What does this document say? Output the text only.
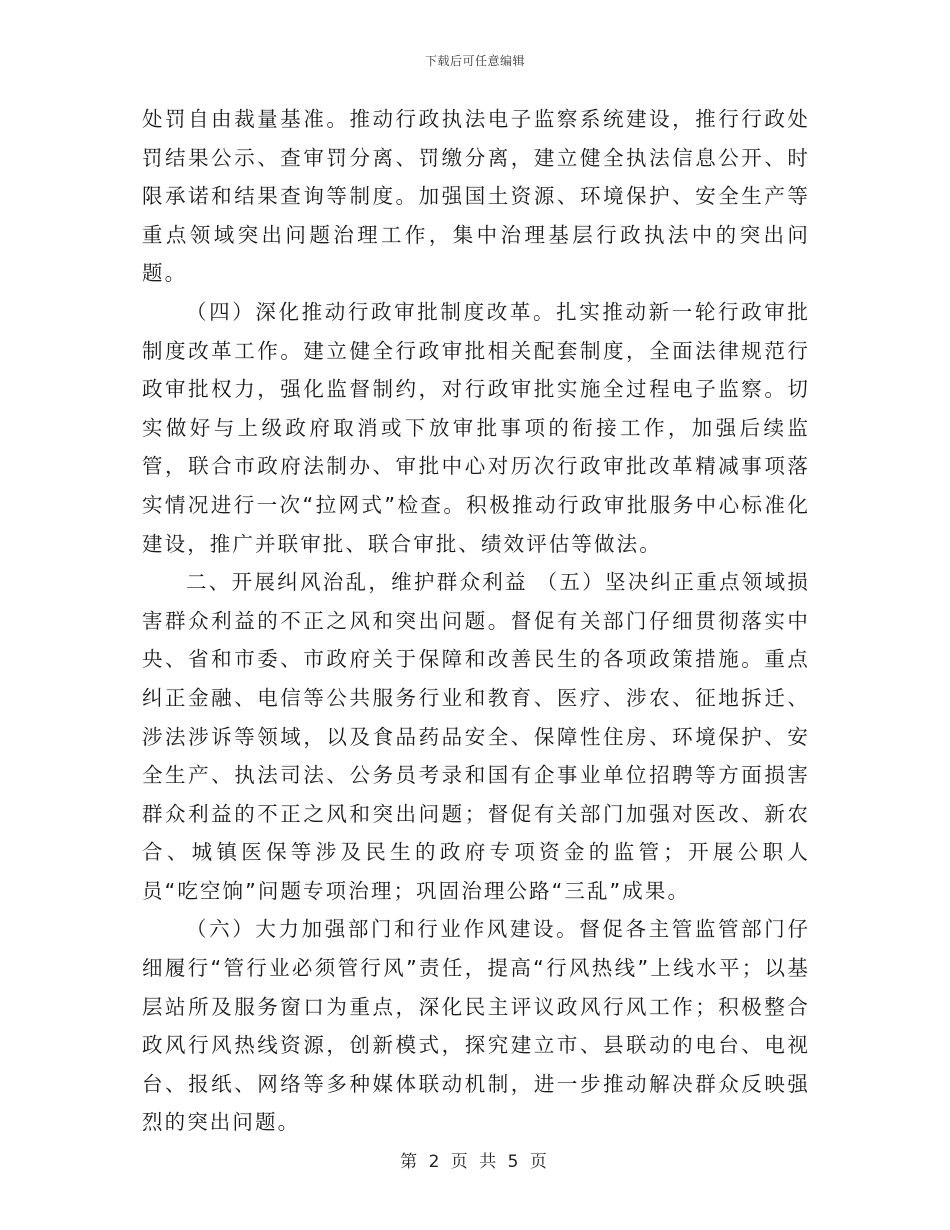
下载后可任意编辑

处罚自由裁量基准。推动行政执法电子监察系统建设，推行行政处罚结果公示、查审罚分离、罚缴分离，建立健全执法信息公开、时限承诺和结果查询等制度。加强国土资源、环境保护、安全生产等重点领域突出问题治理工作，集中治理基层行政执法中的突出问题。

（四）深化推动行政审批制度改革。扎实推动新一轮行政审批制度改革工作。建立健全行政审批相关配套制度，全面法律规范行政审批权力，强化监督制约，对行政审批实施全过程电子监察。切实做好与上级政府取消或下放审批事项的衔接工作，加强后续监管，联合市政府法制办、审批中心对历次行政审批改革精减事项落实情况进行一次“拉网式”检查。积极推动行政审批服务中心标准化建设，推广并联审批、联合审批、绩效评估等做法。

二、开展纠风治乱，维护群众利益 （五）坚决纠正重点领域损害群众利益的不正之风和突出问题。督促有关部门仔细贯彻落实中央、省和市委、市政府关于保障和改善民生的各项政策措施。重点纠正金融、电信等公共服务行业和教育、医疗、涉农、征地拆迁、涉法涉诉等领域，以及食品药品安全、保障性住房、环境保护、安全生产、执法司法、公务员考录和国有企事业单位招聘等方面损害群众利益的不正之风和突出问题；督促有关部门加强对医改、新农合、城镇医保等涉及民生的政府专项资金的监管；开展公职人员“吃空饷”问题专项治理；巩固治理公路“三乱”成果。

（六）大力加强部门和行业作风建设。督促各主管监管部门仔细履行“管行业必须管行风”责任，提高“行风热线”上线水平；以基层站所及服务窗口为重点，深化民主评议政风行风工作；积极整合政风行风热线资源，创新模式，探究建立市、县联动的电台、电视台、报纸、网络等多种媒体联动机制，进一步推动解决群众反映强烈的突出问题。

第 2 页 共 5 页
